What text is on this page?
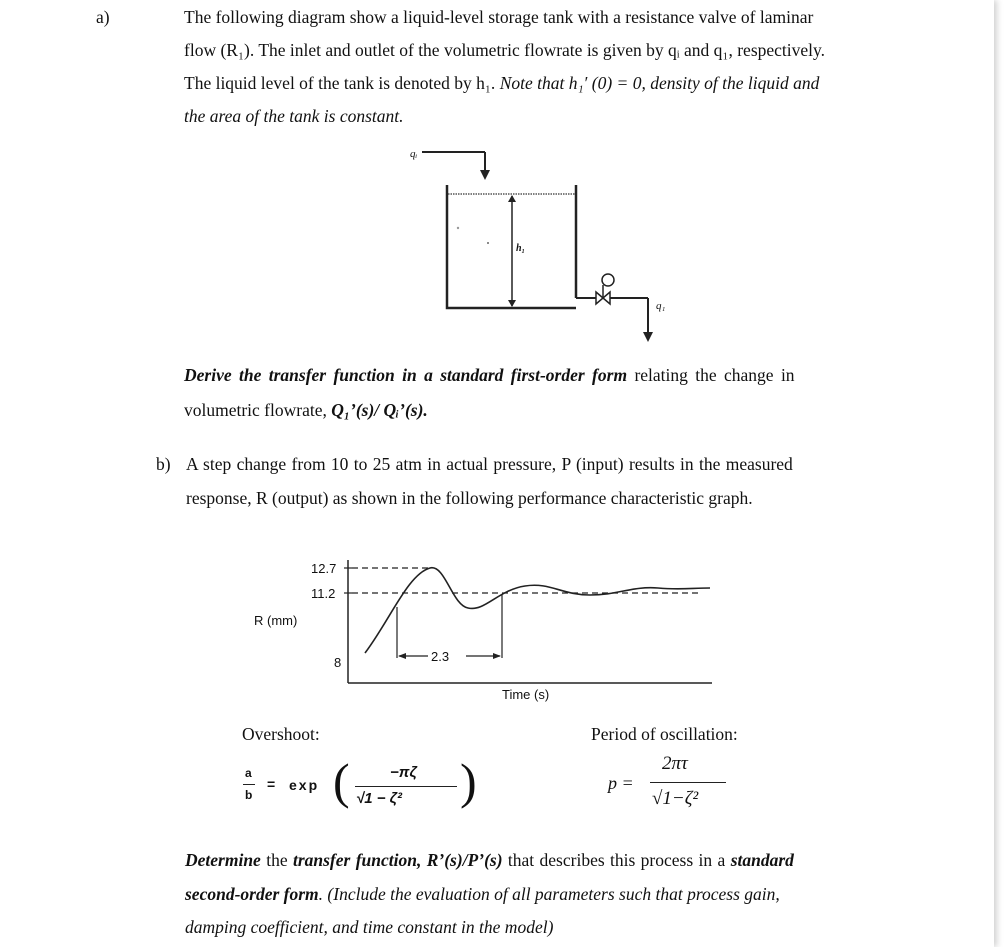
a)	The following diagram show a liquid-level storage tank with a resistance valve of laminar
flow (R₁). The inlet and outlet of the volumetric flowrate is given by qᵢ and q₁, respectively.
The liquid level of the tank is denoted by h₁. Note that h₁′ (0) = 0, density of the liquid and
the area of the tank is constant.
qᵢ
h₁
q₁
Derive the transfer function in a standard first-order form relating the change in
volumetric flowrate, Q₁’(s)/ Qᵢ’(s).
b) A step change from 10 to 25 atm in actual pressure, P (input) results in the measured
response, R (output) as shown in the following performance characteristic graph.
12.7
11.2
8	2.3
R (mm)
Time (s)
Overshoot:	Period of oscillation:
a
b
= exp (	−πζ
√1 − ζ² )	p =
2πτ
√1−ζ²
Determine the transfer function, R’(s)/P’(s) that describes this process in a standard
second-order form. (Include the evaluation of all parameters such that process gain,
damping coefficient, and time constant in the model)
